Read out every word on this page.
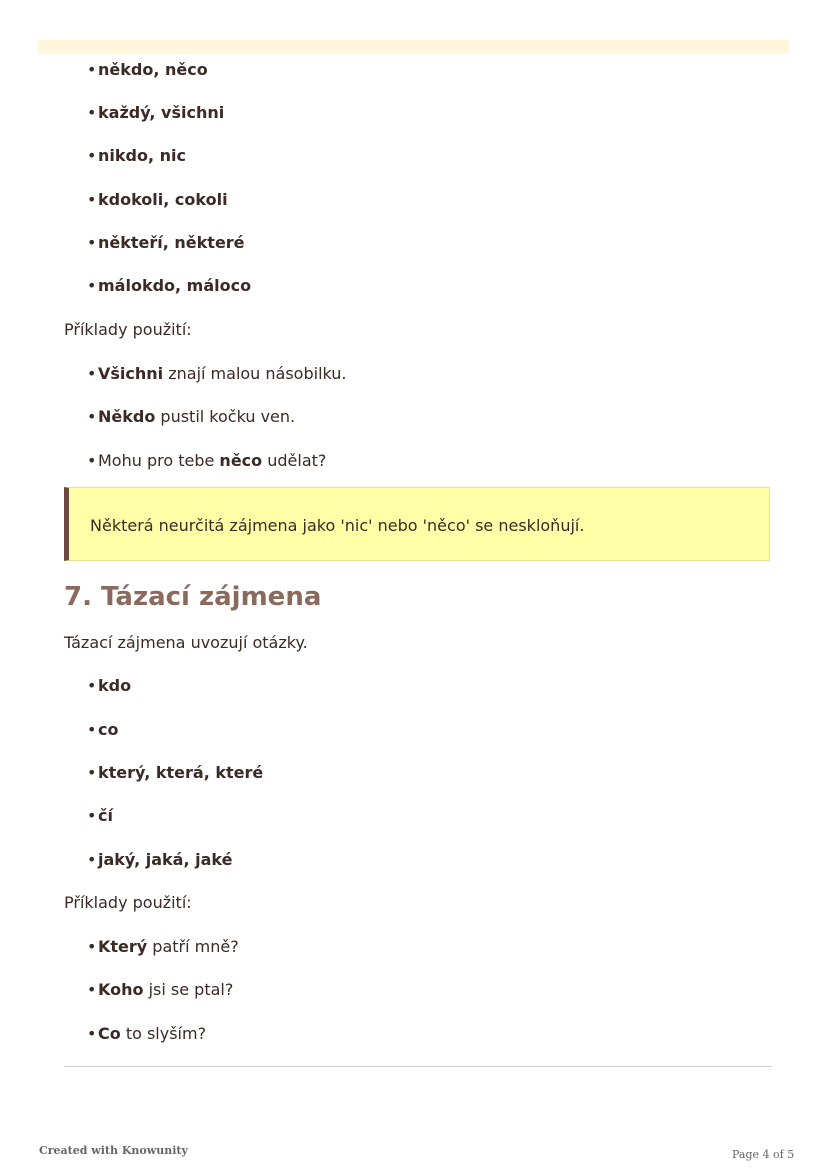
•někdo, něco
•každý, všichni
•nikdo, nic
•kdokoli, cokoli
•někteří, některé
•málokdo, máloco
Příklady použití:
•Všichni znají malou násobilku.
•Někdo pustil kočku ven.
•Mohu pro tebe něco udělat?
Některá neurčitá zájmena jako 'nic' nebo 'něco' se neskloňují.
7. Tázací zájmena
Tázací zájmena uvozují otázky.
•kdo
•co
•který, která, které
•čí
•jaký, jaká, jaké
Příklady použití:
•Který patří mně?
•Koho jsi se ptal?
•Co to slyším?
Created with Knowunity	Page 4 of 5
